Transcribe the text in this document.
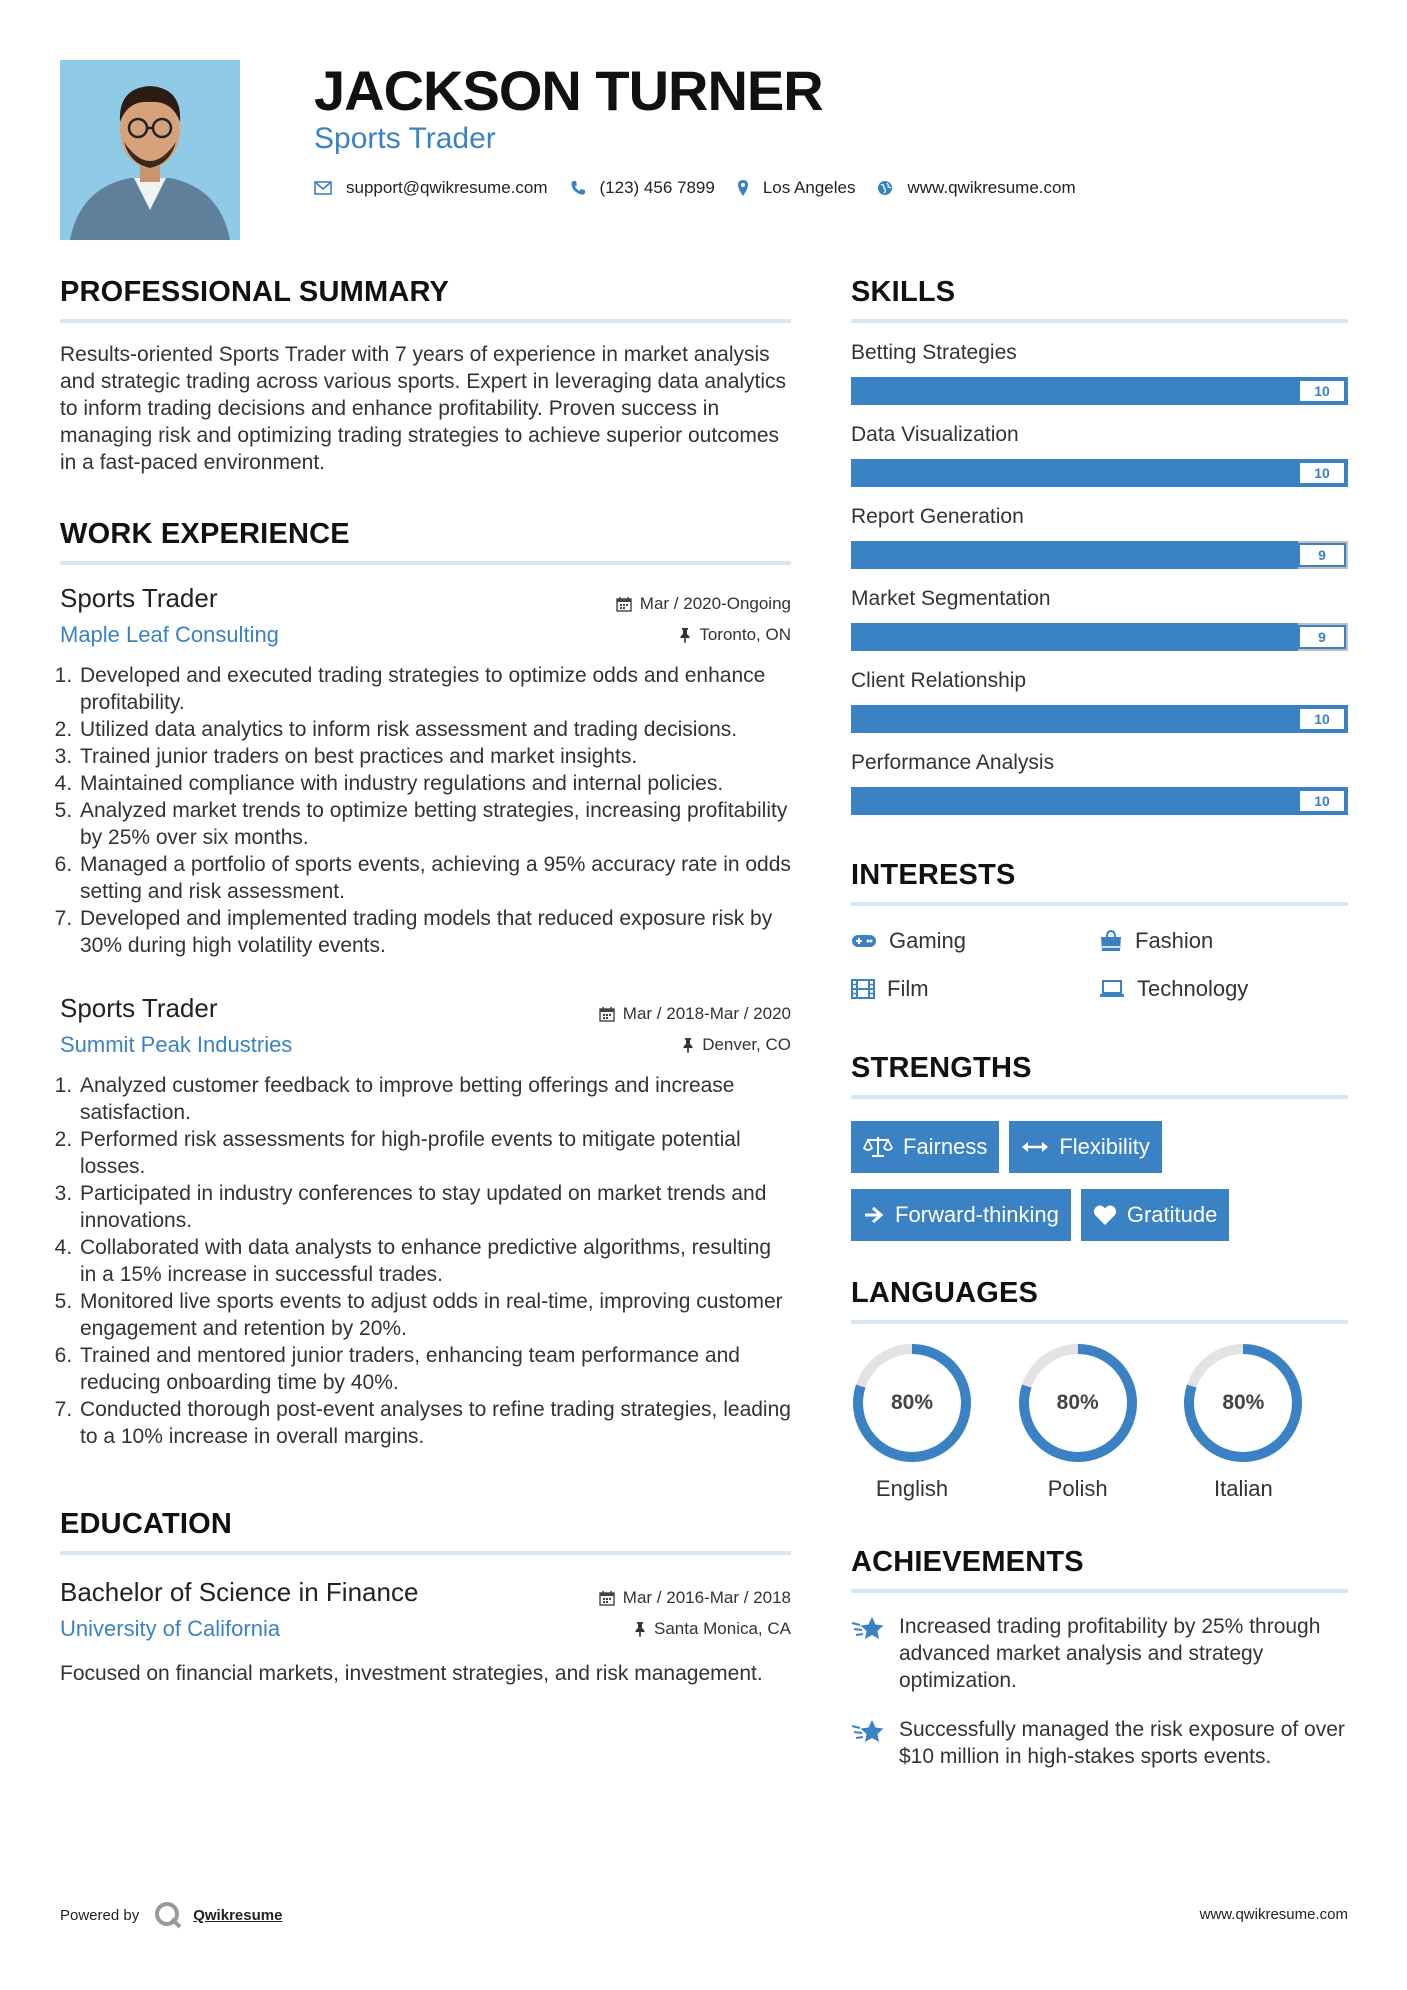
JACKSON TURNER
Sports Trader
support@qwikresume.com	(123) 456 7899	Los Angeles	www.qwikresume.com
PROFESSIONAL SUMMARY
Results-oriented Sports Trader with 7 years of experience in market analysis and strategic trading across various sports. Expert in leveraging data analytics to inform trading decisions and enhance profitability. Proven success in managing risk and optimizing trading strategies to achieve superior outcomes in a fast-paced environment.
WORK EXPERIENCE
Sports Trader	Mar / 2020-Ongoing
Maple Leaf Consulting	Toronto, ON
1. Developed and executed trading strategies to optimize odds and enhance profitability.
2. Utilized data analytics to inform risk assessment and trading decisions.
3. Trained junior traders on best practices and market insights.
4. Maintained compliance with industry regulations and internal policies.
5. Analyzed market trends to optimize betting strategies, increasing profitability by 25% over six months.
6. Managed a portfolio of sports events, achieving a 95% accuracy rate in odds setting and risk assessment.
7. Developed and implemented trading models that reduced exposure risk by 30% during high volatility events.
Sports Trader	Mar / 2018-Mar / 2020
Summit Peak Industries	Denver, CO
1. Analyzed customer feedback to improve betting offerings and increase satisfaction.
2. Performed risk assessments for high-profile events to mitigate potential losses.
3. Participated in industry conferences to stay updated on market trends and innovations.
4. Collaborated with data analysts to enhance predictive algorithms, resulting in a 15% increase in successful trades.
5. Monitored live sports events to adjust odds in real-time, improving customer engagement and retention by 20%.
6. Trained and mentored junior traders, enhancing team performance and reducing onboarding time by 40%.
7. Conducted thorough post-event analyses to refine trading strategies, leading to a 10% increase in overall margins.
EDUCATION
Bachelor of Science in Finance	Mar / 2016-Mar / 2018
University of California	Santa Monica, CA
Focused on financial markets, investment strategies, and risk management.
SKILLS
Betting Strategies
10
Data Visualization
10
Report Generation
9
Market Segmentation
9
Client Relationship
10
Performance Analysis
10
INTERESTS
Gaming	Fashion
Film	Technology
STRENGTHS
Fairness	Flexibility
Forward-thinking	Gratitude
LANGUAGES
80%
English
80%
Polish
80%
Italian
ACHIEVEMENTS
Increased trading profitability by 25% through advanced market analysis and strategy optimization.
Successfully managed the risk exposure of over $10 million in high-stakes sports events.
Powered by	Qwikresume	www.qwikresume.com
